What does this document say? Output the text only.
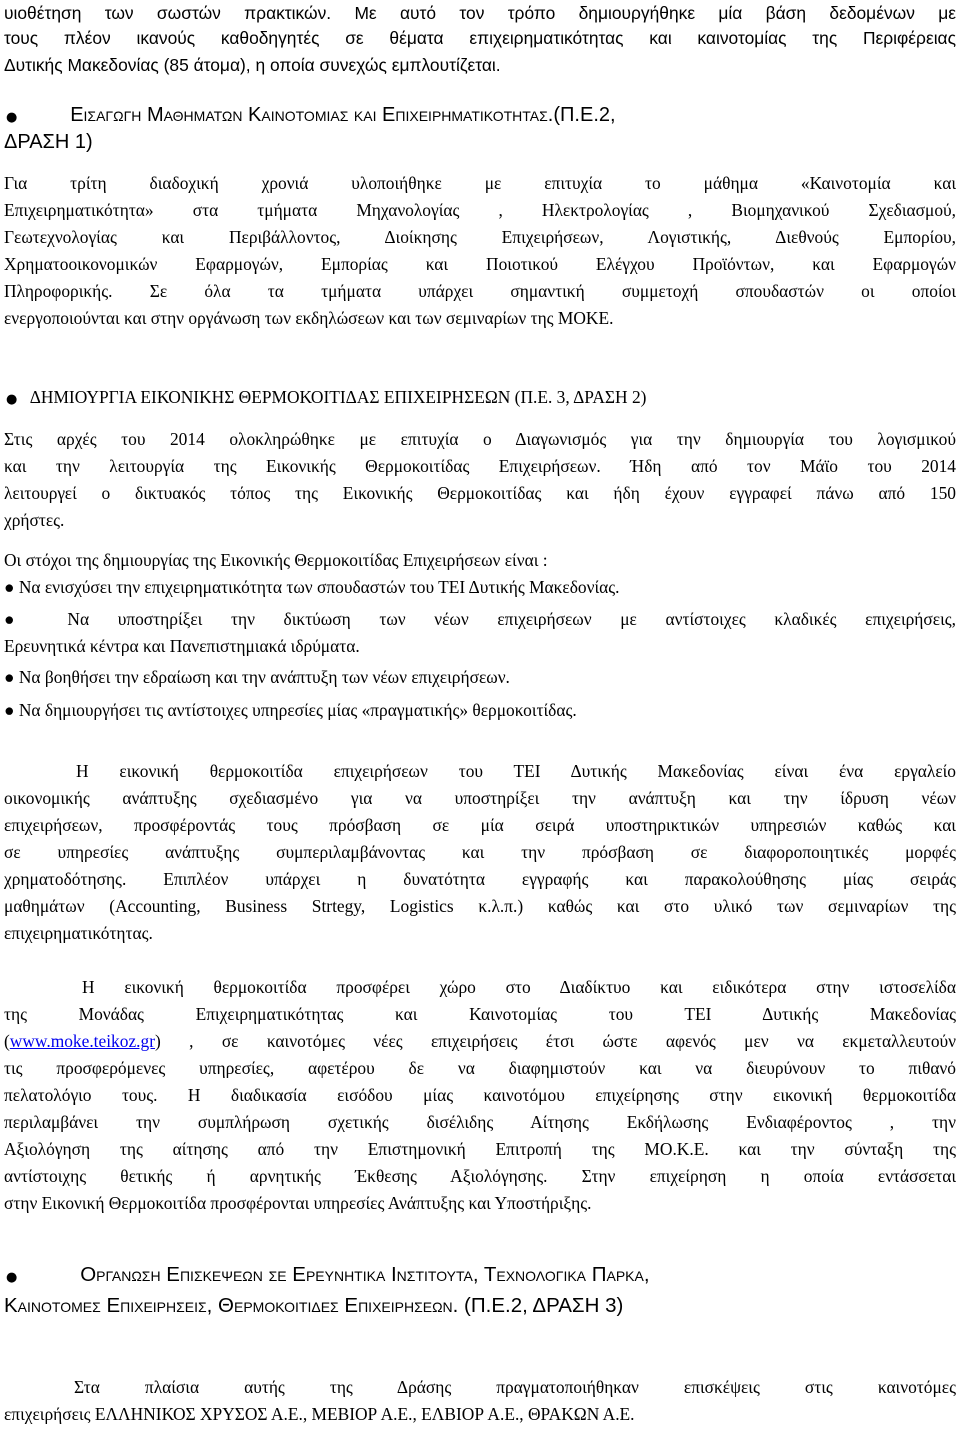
υιοθέτηση των σωστών πρακτικών. Με αυτό τον τρόπο δημιουργήθηκε μία βάση δεδομένων με
τους πλέον ικανούς καθοδηγητές σε θέματα επιχειρηματικότητας και καινοτομίας της Περιφέρειας
Δυτικής Μακεδονίας (85 άτομα), η οποία συνεχώς εμπλουτίζεται.
●	Εισαγωγη Μαθηματων Καινοτομιασ και Επιχειρηματικοτητασ.(Π.Ε.2,
ΔΡΑΣΗ 1)
Για τρίτη διαδοχική χρονιά υλοποιήθηκε με επιτυχία το μάθημα «Καινοτομία και
Επιχειρηματικότητα» στα τμήματα Μηχανολογίας , Ηλεκτρολογίας , Βιομηχανικού Σχεδιασμού,
Γεωτεχνολογίας και Περιβάλλοντος, Διοίκησης Επιχειρήσεων, Λογιστικής, Διεθνούς Εμπορίου,
Χρηματοοικονομικών Εφαρμογών, Εμπορίας και Ποιοτικού Ελέγχου Προϊόντων, και Εφαρμογών
Πληροφορικής. Σε όλα τα τμήματα υπάρχει σημαντική συμμετοχή σπουδαστών οι οποίοι
ενεργοποιούνται και στην οργάνωση των εκδηλώσεων και των σεμιναρίων της ΜΟΚΕ.
● ΔΗΜΙΟΥΡΓΙΑ ΕΙΚΟΝΙΚΗΣ ΘΕΡΜΟΚΟΙΤΙΔΑΣ ΕΠΙΧΕΙΡΗΣΕΩΝ (Π.Ε. 3, ΔΡΑΣΗ 2)
Στις αρχές του 2014 ολοκληρώθηκε με επιτυχία ο Διαγωνισμός για την δημιουργία του λογισμικού
και την λειτουργία της Εικονικής Θερμοκοιτίδας Επιχειρήσεων. Ήδη από τον Μάϊο του 2014
λειτουργεί ο δικτυακός τόπος της Εικονικής Θερμοκοιτίδας και ήδη έχουν εγγραφεί πάνω από 150
χρήστες.
Οι στόχοι της δημιουργίας της Εικονικής Θερμοκοιτίδας Επιχειρήσεων είναι :
● Να ενισχύσει την επιχειρηματικότητα των σπουδαστών του ΤΕΙ Δυτικής Μακεδονίας.
● Να υποστηρίξει την δικτύωση των νέων επιχειρήσεων με αντίστοιχες κλαδικές επιχειρήσεις,
Ερευνητικά κέντρα και Πανεπιστημιακά ιδρύματα.
● Να βοηθήσει την εδραίωση και την ανάπτυξη των νέων επιχειρήσεων.
● Να δημιουργήσει τις αντίστοιχες υπηρεσίες μίας «πραγματικής» θερμοκοιτίδας.
Η εικονική θερμοκοιτίδα επιχειρήσεων του ΤΕΙ Δυτικής Μακεδονίας είναι ένα εργαλείο
οικονομικής ανάπτυξης σχεδιασμένο για να υποστηρίξει την ανάπτυξη και την ίδρυση νέων
επιχειρήσεων, προσφέροντάς τους πρόσβαση σε μία σειρά υποστηρικτικών υπηρεσιών καθώς και
σε υπηρεσίες ανάπτυξης συμπεριλαμβάνοντας και την πρόσβαση σε διαφοροποιητικές μορφές
χρηματοδότησης. Επιπλέον υπάρχει η δυνατότητα εγγραφής και παρακολούθησης μίας σειράς
μαθημάτων (Accounting, Business Strtegy, Logistics κ.λ.π.) καθώς και στο υλικό των σεμιναρίων της
επιχειρηματικότητας.
Η εικονική θερμοκοιτίδα προσφέρει χώρο στο Διαδίκτυο και ειδικότερα στην ιστοσελίδα
της Μονάδας Επιχειρηματικότητας και Καινοτομίας του ΤΕΙ Δυτικής Μακεδονίας
(www.moke.teikoz.gr) , σε καινοτόμες νέες επιχειρήσεις έτσι ώστε αφενός μεν να εκμεταλλευτούν
τις προσφερόμενες υπηρεσίες, αφετέρου δε να διαφημιστούν και να διευρύνουν το πιθανό
πελατολόγιο τους. Η διαδικασία εισόδου μίας καινοτόμου επιχείρησης στην εικονική θερμοκοιτίδα
περιλαμβάνει την συμπλήρωση σχετικής δισέλιδης Αίτησης Εκδήλωσης Ενδιαφέροντος , την
Αξιολόγηση της αίτησης από την Επιστημονική Επιτροπή της ΜΟ.Κ.Ε. και την σύνταξη της
αντίστοιχης θετικής ή αρνητικής Έκθεσης Αξιολόγησης. Στην επιχείρηση η οποία εντάσσεται
στην Εικονική Θερμοκοιτίδα προσφέρονται υπηρεσίες Ανάπτυξης και Υποστήριξης.
●	Οργανωση Επισκεψεων σε Ερευνητικα Ινστιτουτα, Τεχνολογικα Παρκα,
Καινοτομεσ Επιχειρησεισ, Θερμοκοιτιδεσ Επιχειρησεων. (Π.Ε.2, ΔΡΑΣΗ 3)
Στα πλαίσια αυτής της Δράσης πραγματοποιήθηκαν επισκέψεις στις καινοτόμες
επιχειρήσεις ΕΛΛΗΝΙΚΟΣ ΧΡΥΣΟΣ Α.Ε., ΜΕΒΙΟΡ Α.Ε., ΕΛΒΙΟΡ Α.Ε., ΘΡΑΚΩΝ Α.Ε.
